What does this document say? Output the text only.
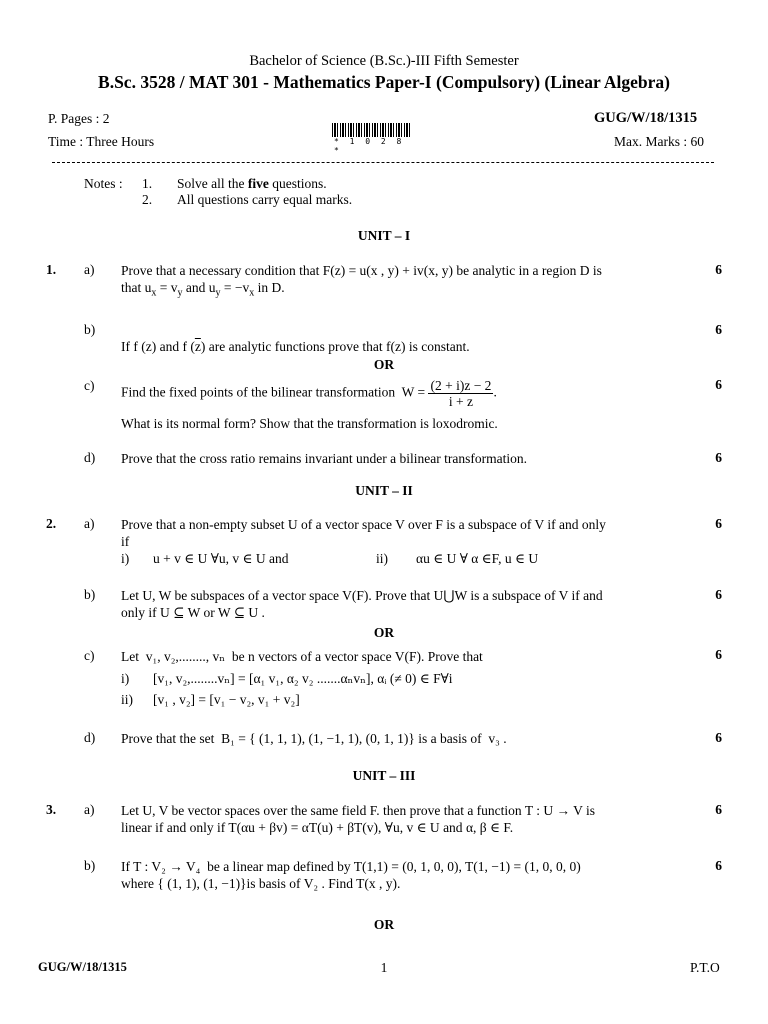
Bachelor of Science (B.Sc.)-III Fifth Semester
B.Sc. 3528 / MAT 301 - Mathematics Paper-I (Compulsory) (Linear Algebra)
P. Pages : 2	GUG/W/18/1315
Time : Three Hours	* 1 0 2 8 *
Max. Marks : 60
Notes : 1. Solve all the five questions.
2. All questions carry equal marks.
UNIT – I
1. a) Prove that a necessary condition that F(z) = u(x , y) + iv(x, y) be analytic in a region D is
that $u_x = v_y$ and $u_y = -v_x$ in D.
6
b)
If f (z) and f $(\overline{z})$ are analytic functions prove that f(z) is constant.
6
OR
c) Find the fixed points of the bilinear transformation $W = \frac{(2 + i)z - 2}{i + z}$ .
What is its normal form? Show that the transformation is loxodromic.
6
d) Prove that the cross ratio remains invariant under a bilinear transformation.	6
UNIT – II
2. a) Prove that a non-empty subset U of a vector space V over F is a subspace of V if and only
if
i) u + v ∈ U ∀u, v ∈ U and	ii) αu ∈ U ∀ α ∈F, u ∈ U
6
b) Let U, W be subspaces of a vector space V(F). Prove that U⋃W is a subspace of V if and
only if U ⊆ W or W ⊆ U .
6
OR
c) Let v₁, v₂,........, vₙ be n vectors of a vector space V(F). Prove that
i) [v₁, v₂,........vₙ] = [α₁ v₁, α₂ v₂ .......αₙvₙ], αᵢ (≠ 0) ∈ F∀i
ii) [v₁ , v₂] = [v₁ − v₂, v₁ + v₂]
6
d) Prove that the set B₁ = { (1, 1, 1), (1, −1, 1), (0, 1, 1)} is a basis of v₃ .	6
UNIT – III
3. a) Let U, V be vector spaces over the same field F. then prove that a function T : U → V is
linear if and only if T(αu + βv) = αT(u) + βT(v), ∀u, v ∈ U and α, β ∈ F.
6
b) If T : V₂ → V₄ be a linear map defined by T(1,1) = (0, 1, 0, 0), T(1, −1) = (1, 0, 0, 0)
where { (1, 1), (1, −1)}is basis of V₂ . Find T(x , y).
6
OR
GUG/W/18/1315	1	P.T.O
